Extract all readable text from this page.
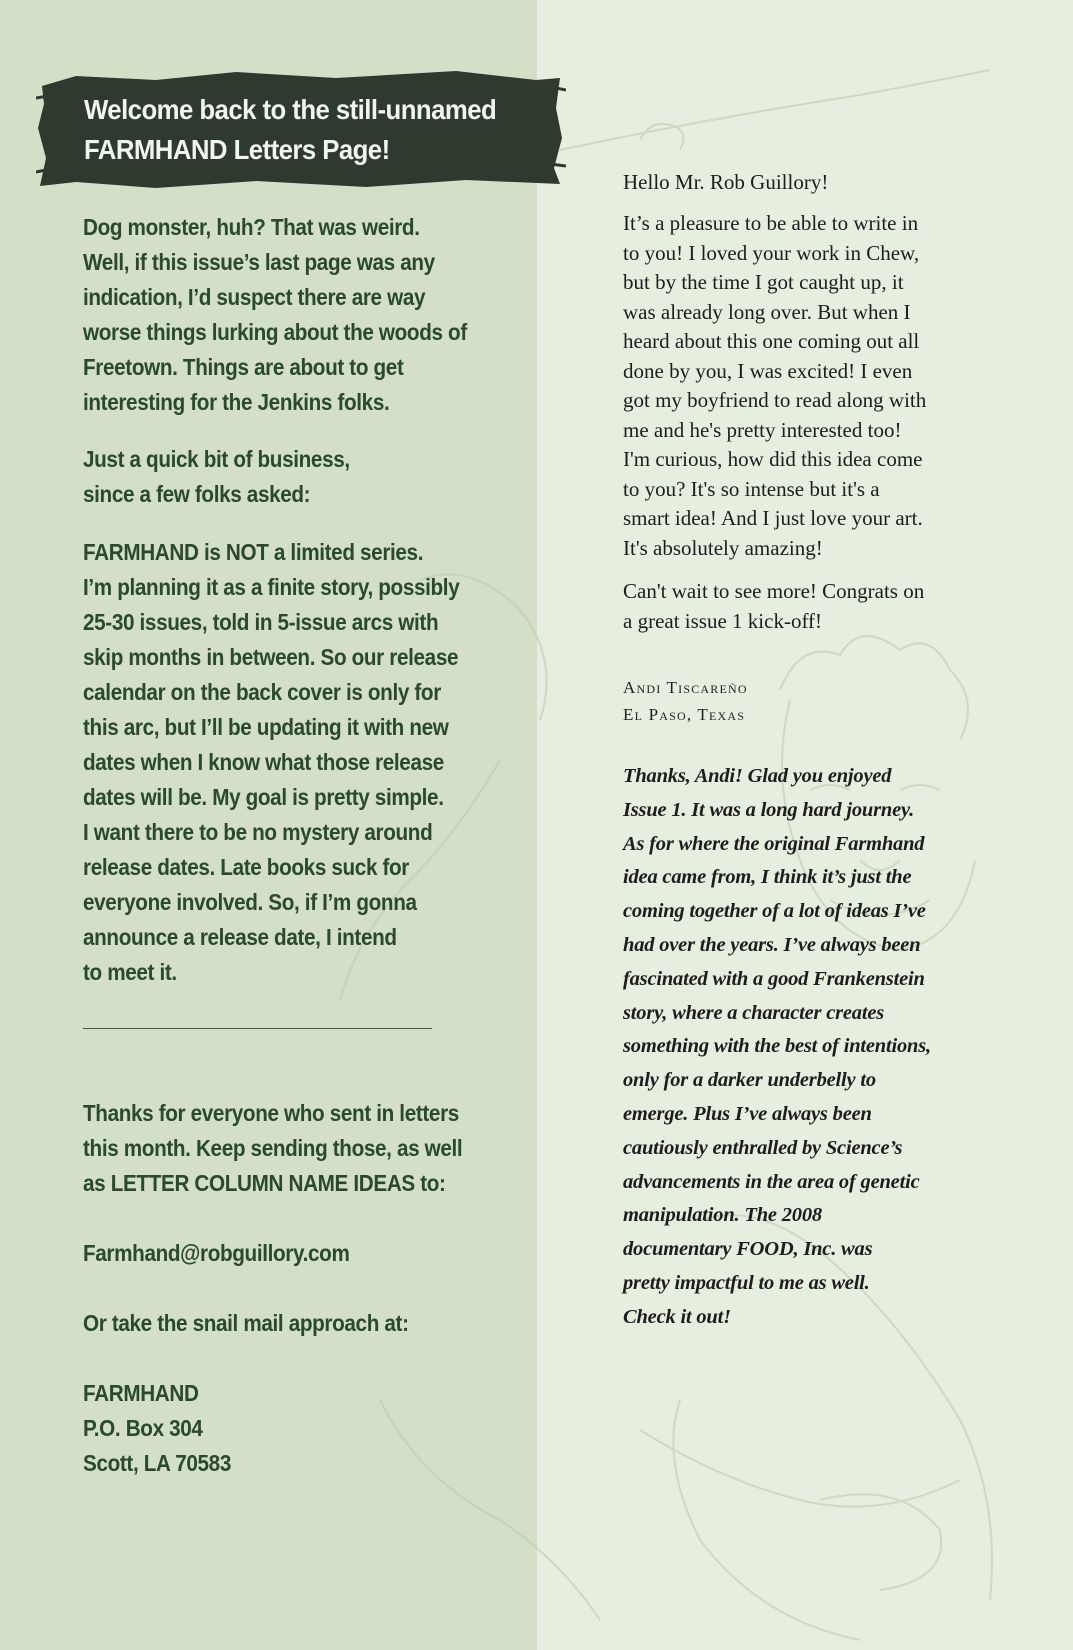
Welcome back to the still-unnamed
FARMHAND Letters Page!

Dog monster, huh? That was weird.
Well, if this issue’s last page was any
indication, I’d suspect there are way
worse things lurking about the woods of
Freetown. Things are about to get
interesting for the Jenkins folks.

Just a quick bit of business,
since a few folks asked:

FARMHAND is NOT a limited series.
I’m planning it as a finite story, possibly
25-30 issues, told in 5-issue arcs with
skip months in between. So our release
calendar on the back cover is only for
this arc, but I’ll be updating it with new
dates when I know what those release
dates will be. My goal is pretty simple.
I want there to be no mystery around
release dates. Late books suck for
everyone involved. So, if I’m gonna
announce a release date, I intend
to meet it.

Thanks for everyone who sent in letters
this month. Keep sending those, as well
as LETTER COLUMN NAME IDEAS to:

Farmhand@robguillory.com

Or take the snail mail approach at:

FARMHAND
P.O. Box 304
Scott, LA 70583

Hello Mr. Rob Guillory!

It’s a pleasure to be able to write in
to you! I loved your work in Chew,
but by the time I got caught up, it
was already long over. But when I
heard about this one coming out all
done by you, I was excited! I even
got my boyfriend to read along with
me and he's pretty interested too!
I'm curious, how did this idea come
to you? It's so intense but it's a
smart idea! And I just love your art.
It's absolutely amazing!

Can't wait to see more! Congrats on
a great issue 1 kick-off!

Andi Tiscareño
El Paso, Texas

Thanks, Andi! Glad you enjoyed
Issue 1. It was a long hard journey.
As for where the original Farmhand
idea came from, I think it’s just the
coming together of a lot of ideas I’ve
had over the years. I’ve always been
fascinated with a good Frankenstein
story, where a character creates
something with the best of intentions,
only for a darker underbelly to
emerge. Plus I’ve always been
cautiously enthralled by Science’s
advancements in the area of genetic
manipulation. The 2008
documentary FOOD, Inc. was
pretty impactful to me as well.
Check it out!
